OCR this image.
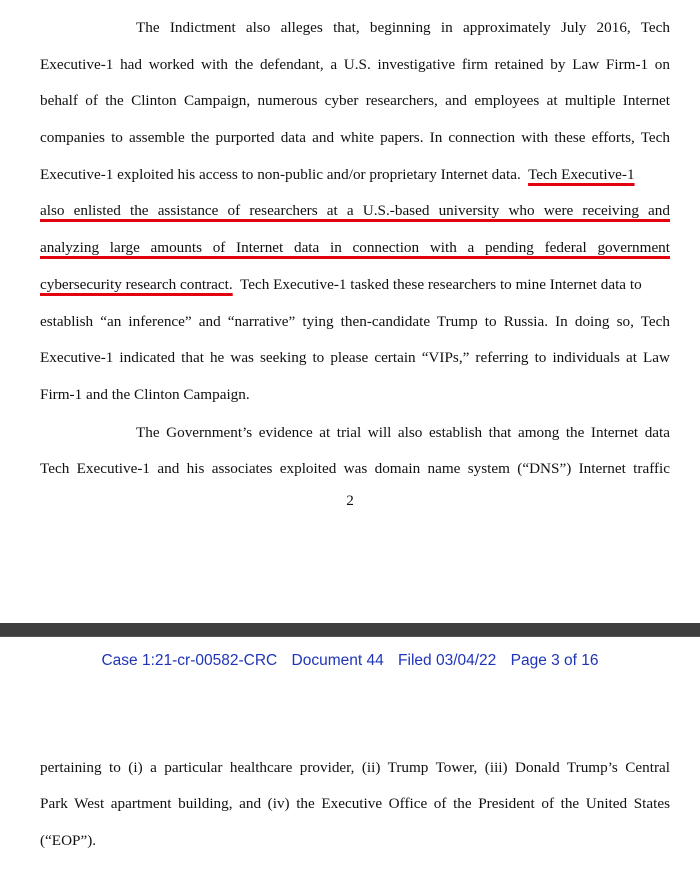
The Indictment also alleges that, beginning in approximately July 2016, Tech
Executive-1 had worked with the defendant, a U.S. investigative firm retained by Law Firm-1 on
behalf of the Clinton Campaign, numerous cyber researchers, and employees at multiple Internet
companies to assemble the purported data and white papers. In connection with these efforts, Tech
Executive-1 exploited his access to non-public and/or proprietary Internet data. Tech Executive-1
also enlisted the assistance of researchers at a U.S.-based university who were receiving and
analyzing large amounts of Internet data in connection with a pending federal government
cybersecurity research contract. Tech Executive-1 tasked these researchers to mine Internet data to
establish “an inference” and “narrative” tying then-candidate Trump to Russia. In doing so, Tech
Executive-1 indicated that he was seeking to please certain “VIPs,” referring to individuals at Law
Firm-1 and the Clinton Campaign.
The Government’s evidence at trial will also establish that among the Internet data
Tech Executive-1 and his associates exploited was domain name system (“DNS”) Internet traffic
2
Case 1:21-cr-00582-CRC Document 44 Filed 03/04/22 Page 3 of 16
pertaining to (i) a particular healthcare provider, (ii) Trump Tower, (iii) Donald Trump’s Central
Park West apartment building, and (iv) the Executive Office of the President of the United States
(“EOP”).
